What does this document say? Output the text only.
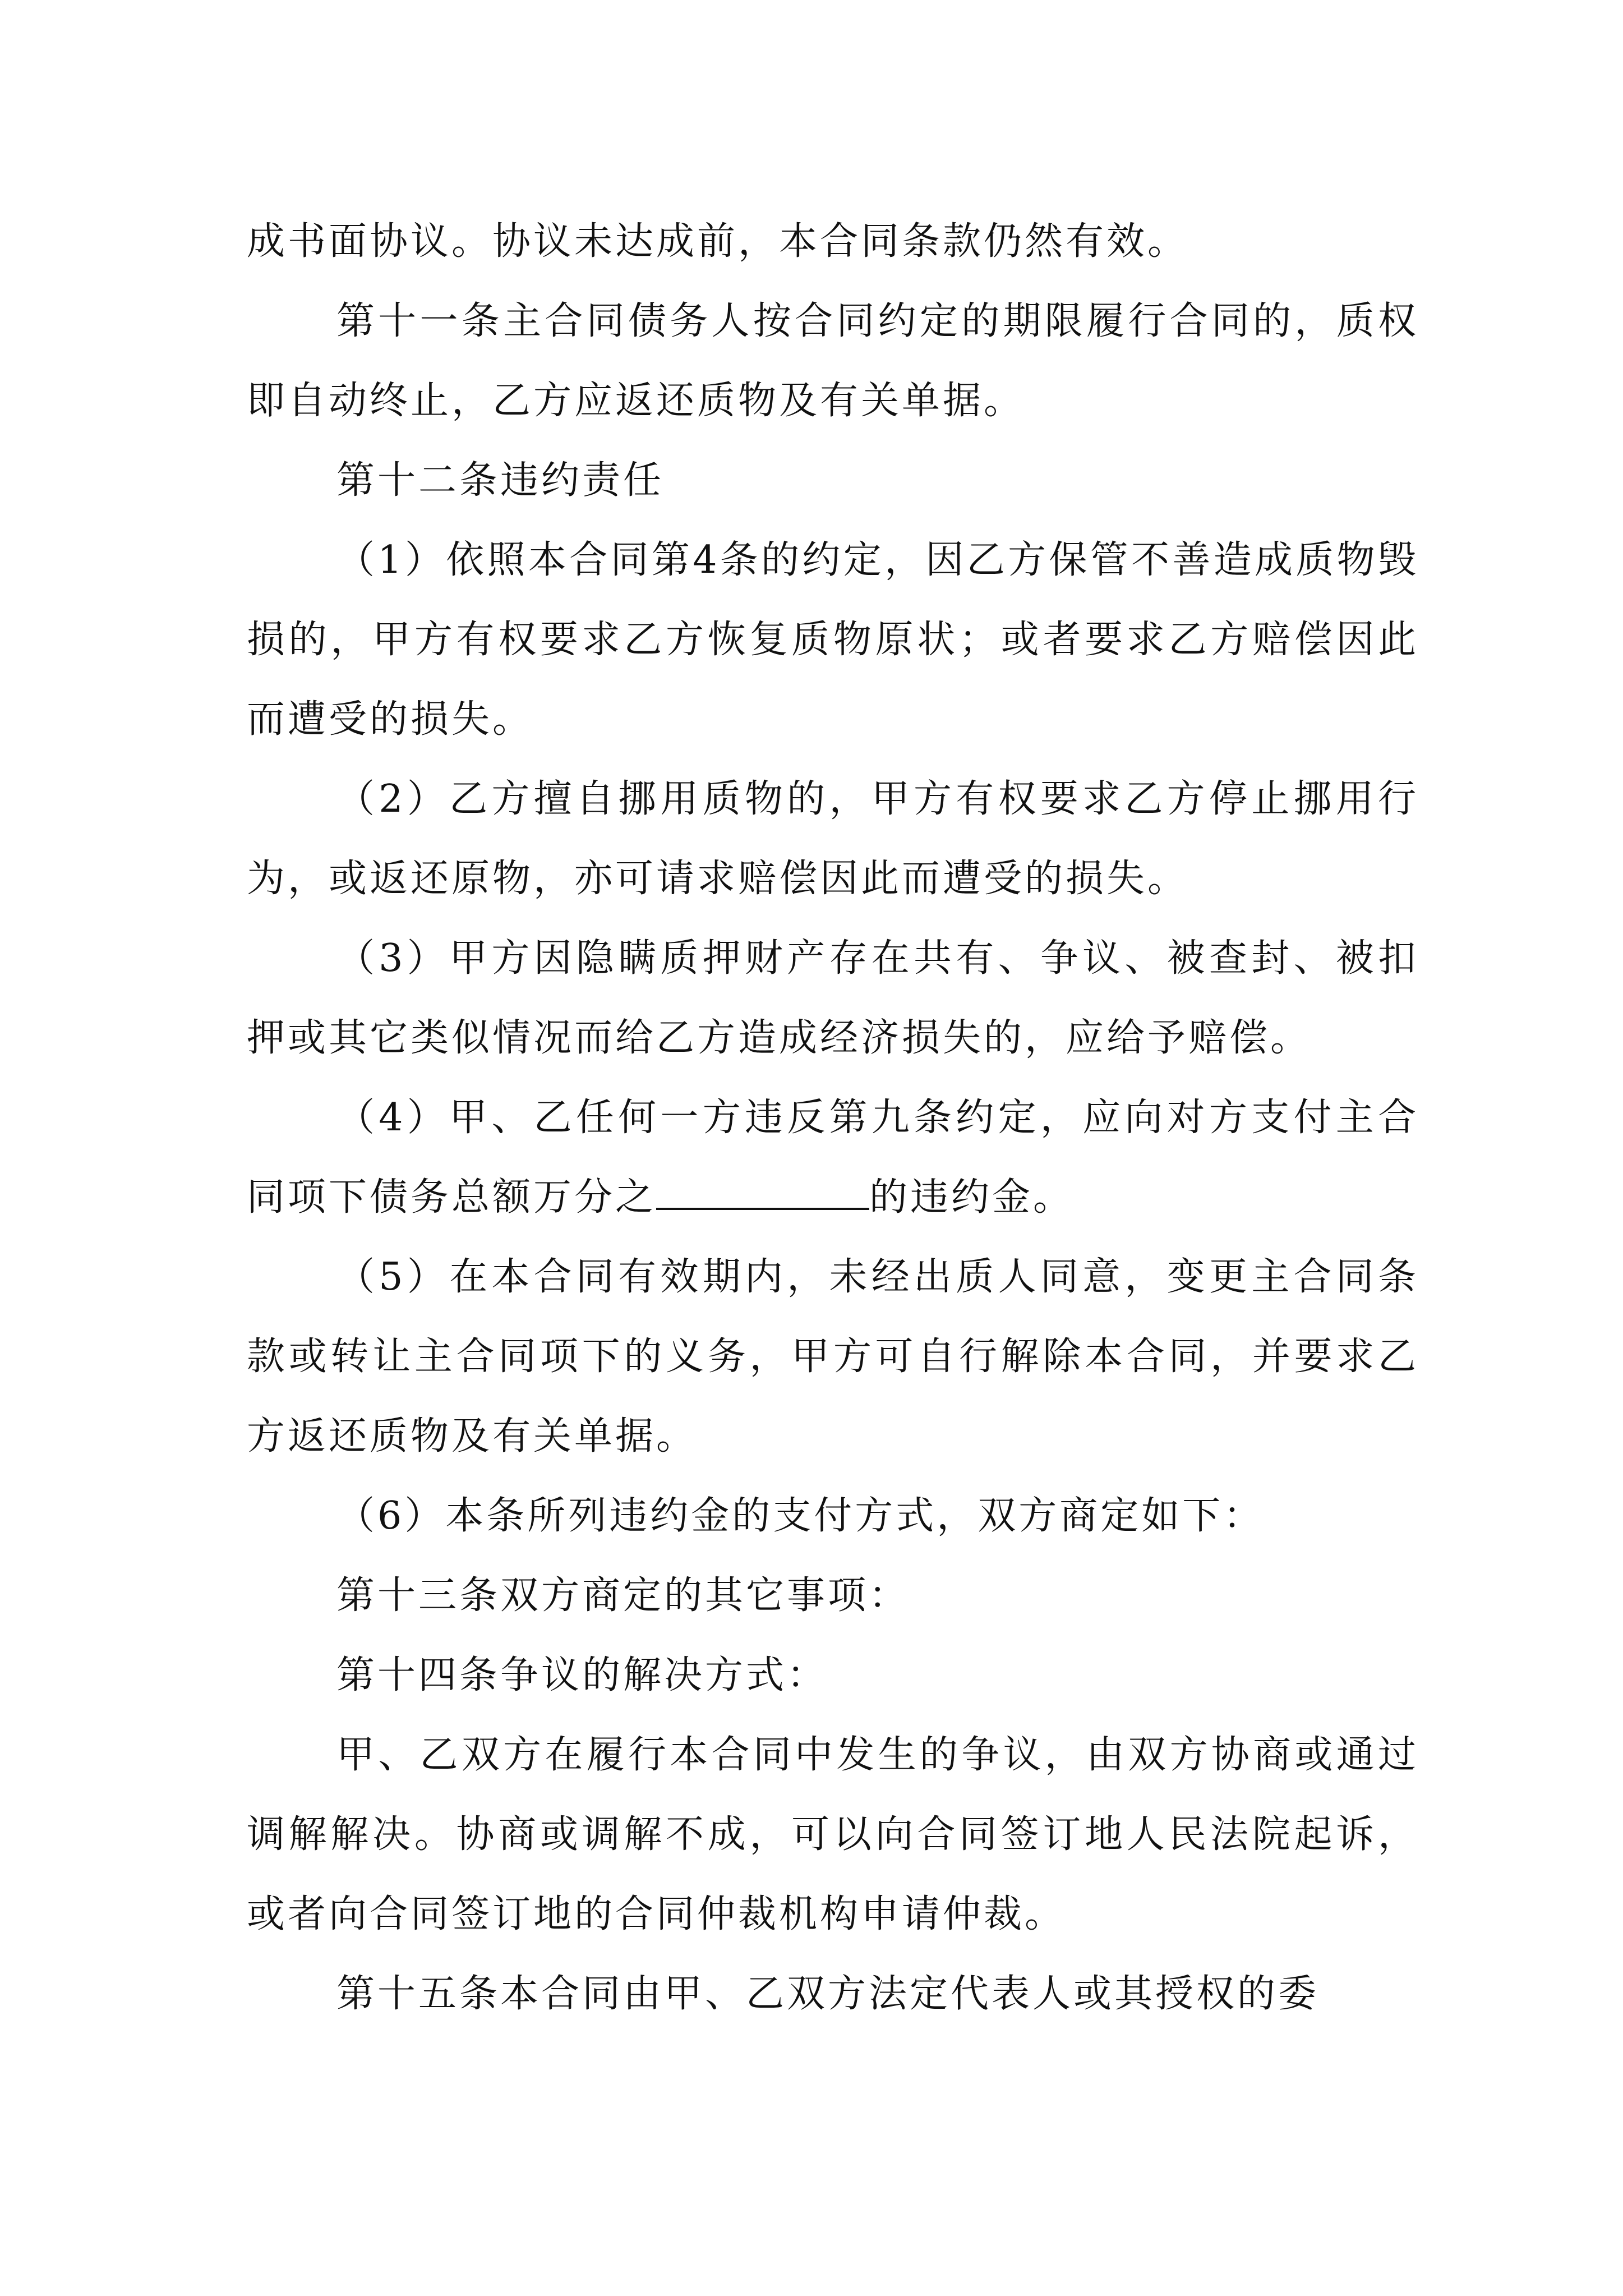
成书面协议。协议未达成前，本合同条款仍然有效。

第十一条主合同债务人按合同约定的期限履行合同的，质权即自动终止，乙方应返还质物及有关单据。

第十二条违约责任

（1）依照本合同第4条的约定，因乙方保管不善造成质物毁损的，甲方有权要求乙方恢复质物原状；或者要求乙方赔偿因此而遭受的损失。

（2）乙方擅自挪用质物的，甲方有权要求乙方停止挪用行为，或返还原物，亦可请求赔偿因此而遭受的损失。

（3）甲方因隐瞒质押财产存在共有、争议、被查封、被扣押或其它类似情况而给乙方造成经济损失的，应给予赔偿。

（4）甲、乙任何一方违反第九条约定，应向对方支付主合同项下债务总额万分之	的违约金。

（5）在本合同有效期内，未经出质人同意，变更主合同条款或转让主合同项下的义务，甲方可自行解除本合同，并要求乙方返还质物及有关单据。

（6）本条所列违约金的支付方式，双方商定如下：

第十三条双方商定的其它事项：

第十四条争议的解决方式：

甲、乙双方在履行本合同中发生的争议，由双方协商或通过调解解决。协商或调解不成，可以向合同签订地人民法院起诉，或者向合同签订地的合同仲裁机构申请仲裁。

第十五条本合同由甲、乙双方法定代表人或其授权的委
